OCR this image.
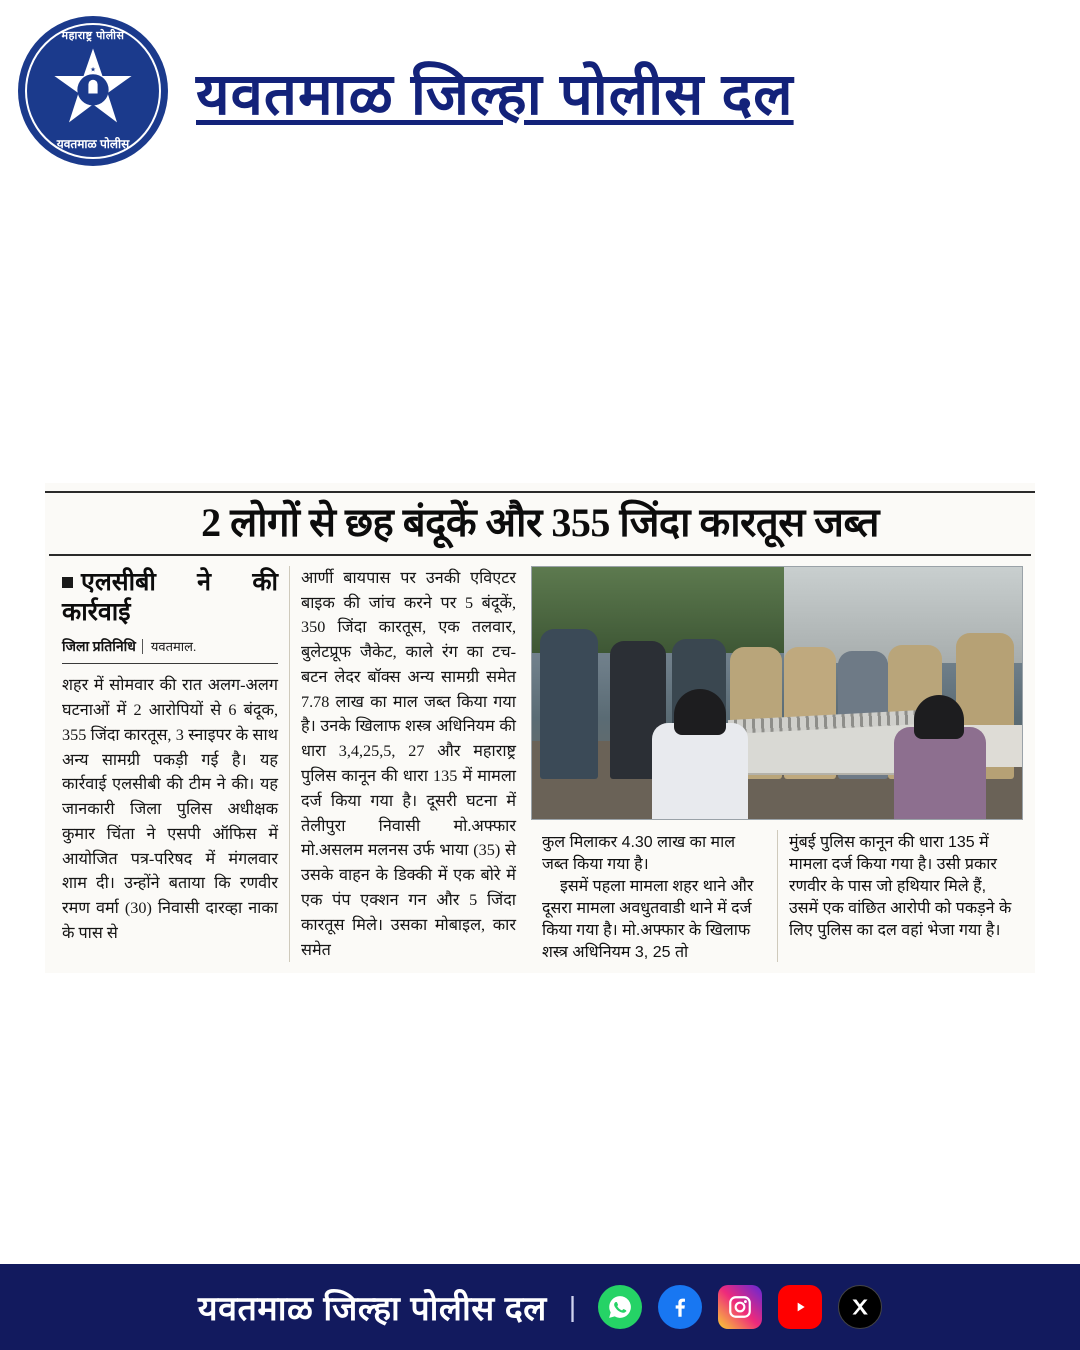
महाराष्ट्र पोलीस
★
यवतमाळ पोलीस
यवतमाळ जिल्हा पोलीस दल
2 लोगों से छह बंदूकें और 355 जिंदा कारतूस जब्त
एलसीबी ने की कार्रवाई
जिला प्रतिनिधि यवतमाल.
शहर में सोमवार की रात अलग-अलग घटनाओं में 2 आरोपियों से 6 बंदूक, 355 जिंदा कारतूस, 3 स्नाइपर के साथ अन्य सामग्री पकड़ी गई है। यह कार्रवाई एलसीबी की टीम ने की। यह जानकारी जिला पुलिस अधीक्षक कुमार चिंता ने एसपी ऑफिस में आयोजित पत्र-परिषद में मंगलवार शाम दी। उन्होंने बताया कि रणवीर रमण वर्मा (30) निवासी दारव्हा नाका के पास से
आर्णी बायपास पर उनकी एविएटर बाइक की जांच करने पर 5 बंदूकें, 350 जिंदा कारतूस, एक तलवार, बुलेटप्रूफ जैकेट, काले रंग का टच-बटन लेदर बॉक्स अन्य सामग्री समेत 7.78 लाख का माल जब्त किया गया है। उनके खिलाफ शस्त्र अधिनियम की धारा 3,4,25,5, 27 और महाराष्ट्र पुलिस कानून की धारा 135 में मामला दर्ज किया गया है। दूसरी घटना में तेलीपुरा निवासी मो.अफ्फार मो.असलम मलनस उर्फ भाया (35) से उसके वाहन के डिक्की में एक बोरे में एक पंप एक्शन गन और 5 जिंदा कारतूस मिले। उसका मोबाइल, कार समेत
कुल मिलाकर 4.30 लाख का माल जब्त किया गया है।
इसमें पहला मामला शहर थाने और दूसरा मामला अवधुतवाडी थाने में दर्ज किया गया है। मो.अफ्फार के खिलाफ शस्त्र अधिनियम 3, 25 तो
मुंबई पुलिस कानून की धारा 135 में मामला दर्ज किया गया है। उसी प्रकार रणवीर के पास जो हथियार मिले हैं, उसमें एक वांछित आरोपी को पकड़ने के लिए पुलिस का दल वहां भेजा गया है।
यवतमाळ जिल्हा पोलीस दल |
